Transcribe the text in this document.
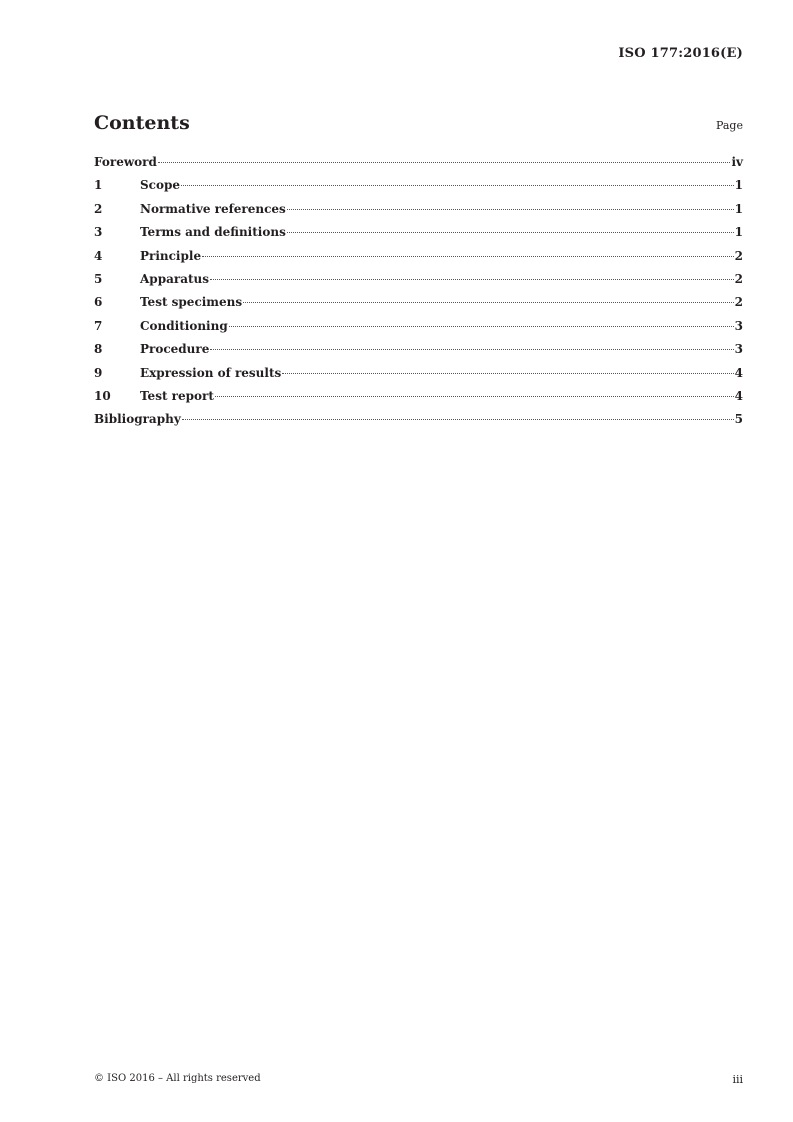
ISO 177:2016(E)
Contents	Page
Foreword	iv
1	Scope	1
2	Normative references	1
3	Terms and definitions	1
4	Principle	2
5	Apparatus	2
6	Test specimens	2
7	Conditioning	3
8	Procedure	3
9	Expression of results	4
10	Test report	4
Bibliography	5
© ISO 2016 – All rights reserved	iii
